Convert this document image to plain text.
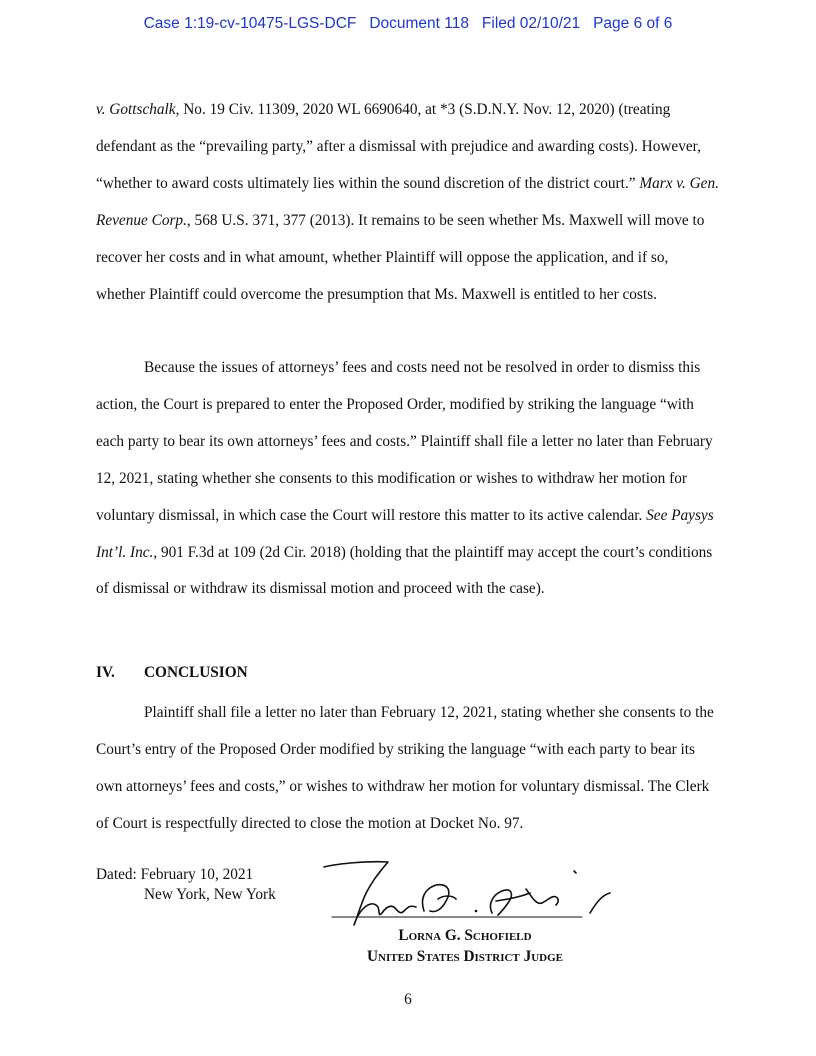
Case 1:19-cv-10475-LGS-DCF Document 118 Filed 02/10/21 Page 6 of 6

v. Gottschalk, No. 19 Civ. 11309, 2020 WL 6690640, at *3 (S.D.N.Y. Nov. 12, 2020) (treating defendant as the “prevailing party,” after a dismissal with prejudice and awarding costs). However, “whether to award costs ultimately lies within the sound discretion of the district court.” Marx v. Gen. Revenue Corp., 568 U.S. 371, 377 (2013). It remains to be seen whether Ms. Maxwell will move to recover her costs and in what amount, whether Plaintiff will oppose the application, and if so, whether Plaintiff could overcome the presumption that Ms. Maxwell is entitled to her costs.

Because the issues of attorneys’ fees and costs need not be resolved in order to dismiss this action, the Court is prepared to enter the Proposed Order, modified by striking the language “with each party to bear its own attorneys’ fees and costs.” Plaintiff shall file a letter no later than February 12, 2021, stating whether she consents to this modification or wishes to withdraw her motion for voluntary dismissal, in which case the Court will restore this matter to its active calendar. See Paysys Int’l. Inc., 901 F.3d at 109 (2d Cir. 2018) (holding that the plaintiff may accept the court’s conditions of dismissal or withdraw its dismissal motion and proceed with the case).

IV. CONCLUSION

Plaintiff shall file a letter no later than February 12, 2021, stating whether she consents to the Court’s entry of the Proposed Order modified by striking the language “with each party to bear its own attorneys’ fees and costs,” or wishes to withdraw her motion for voluntary dismissal. The Clerk of Court is respectfully directed to close the motion at Docket No. 97.

Dated: February 10, 2021
New York, New York
Lorna G. Schofield
United States District Judge
6
